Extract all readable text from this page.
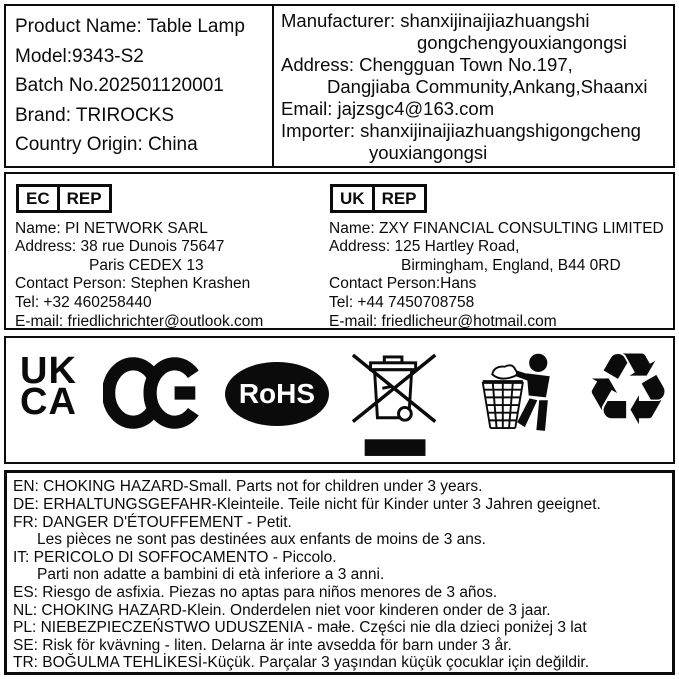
Product Name: Table Lamp
Model:9343-S2
Batch No.202501120001
Brand: TRIROCKS
Country Origin: China
Manufacturer: shanxijinaijiazhuangshi
gongchengyouxiangongsi
Address: Chengguan Town No.197,
Dangjiaba Community,Ankang,Shaanxi
Email: jajzsgc4@163.com
Importer: shanxijinaijiazhuangshigongcheng
youxiangongsi
EC	REP
Name: PI NETWORK SARL
Address: 38 rue Dunois 75647
Paris CEDEX 13
Contact Person: Stephen Krashen
Tel: +32 460258440
E-mail: friedlichrichter@outlook.com
UK	REP
Name: ZXY FINANCIAL CONSULTING LIMITED
Address: 125 Hartley Road,
Birmingham, England, B44 0RD
Contact Person:Hans
Tel: +44 7450708758
E-mail: friedlicheur@hotmail.com
UK
CA	RoHS	♻
EN: CHOKING HAZARD-Small. Parts not for children under 3 years.
DE: ERHALTUNGSGEFAHR-Kleinteile. Teile nicht für Kinder unter 3 Jahren geeignet.
FR: DANGER D'ÉTOUFFEMENT - Petit.
Les pièces ne sont pas destinées aux enfants de moins de 3 ans.
IT: PERICOLO DI SOFFOCAMENTO - Piccolo.
Parti non adatte a bambini di età inferiore a 3 anni.
ES: Riesgo de asfixia. Piezas no aptas para niños menores de 3 años.
NL: CHOKING HAZARD-Klein. Onderdelen niet voor kinderen onder de 3 jaar.
PL: NIEBEZPIECZEŃSTWO UDUSZENIA - małe. Części nie dla dzieci poniżej 3 lat
SE: Risk för kvävning - liten. Delarna är inte avsedda för barn under 3 år.
TR: BOĞULMA TEHLİKESİ-Küçük. Parçalar 3 yaşından küçük çocuklar için değildir.
